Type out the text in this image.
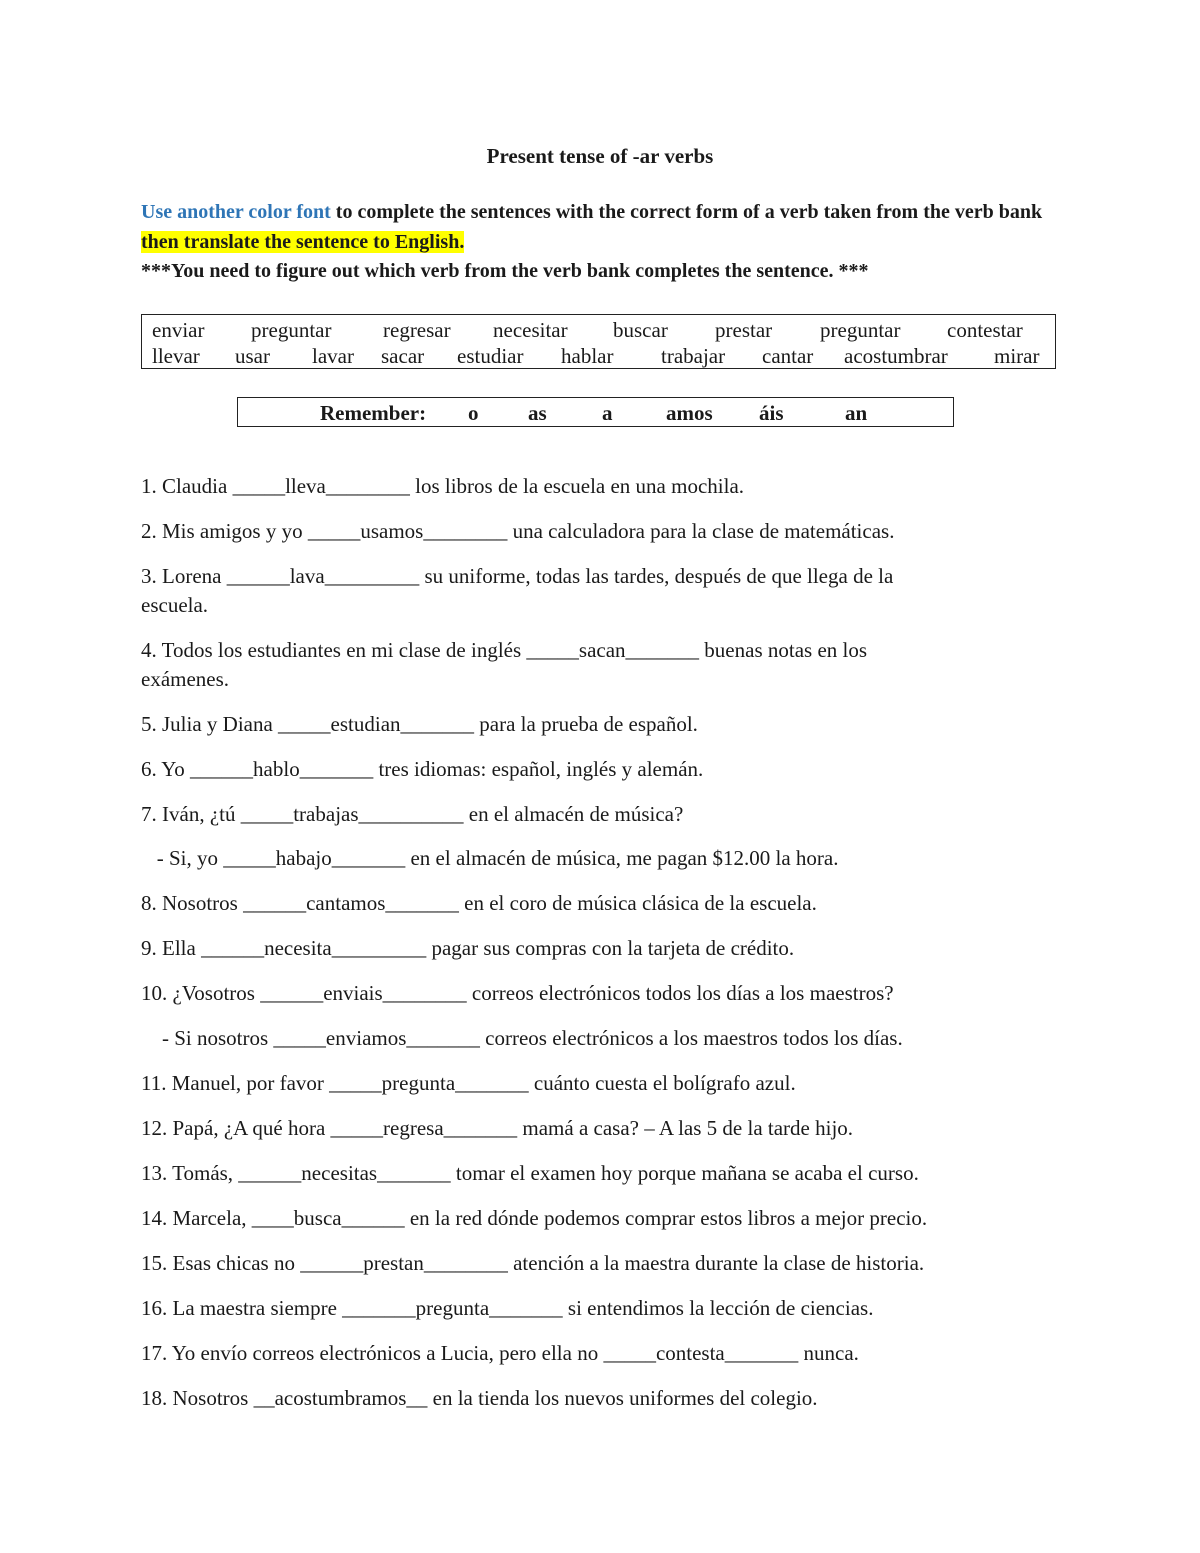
Present tense of -ar verbs
Use another color font to complete the sentences with the correct form of a verb taken from the verb bank then translate the sentence to English.
***You need to figure out which verb from the verb bank completes the sentence. ***
enviar preguntar regresar necesitar buscar prestar preguntar contestar
llevar usar lavar sacar estudiar hablar trabajar cantar acostumbrar mirar
Remember: o as	a	amos áis	an
1. Claudia _____lleva________ los libros de la escuela en una mochila.
2. Mis amigos y yo _____usamos________ una calculadora para la clase de matemáticas.
3. Lorena ______lava_________ su uniforme, todas las tardes, después de que llega de la
escuela.
4. Todos los estudiantes en mi clase de inglés _____sacan_______ buenas notas en los
exámenes.
5. Julia y Diana _____estudian_______ para la prueba de español.
6. Yo ______hablo_______ tres idiomas: español, inglés y alemán.
7. Iván, ¿tú _____trabajas__________ en el almacén de música?
- Si, yo _____habajo_______ en el almacén de música, me pagan $12.00 la hora.
8. Nosotros ______cantamos_______ en el coro de música clásica de la escuela.
9. Ella ______necesita_________ pagar sus compras con la tarjeta de crédito.
10. ¿Vosotros ______enviais________ correos electrónicos todos los días a los maestros?
- Si nosotros _____enviamos_______ correos electrónicos a los maestros todos los días.
11. Manuel, por favor _____pregunta_______ cuánto cuesta el bolígrafo azul.
12. Papá, ¿A qué hora _____regresa_______ mamá a casa? – A las 5 de la tarde hijo.
13. Tomás, ______necesitas_______ tomar el examen hoy porque mañana se acaba el curso.
14. Marcela, ____busca______ en la red dónde podemos comprar estos libros a mejor precio.
15. Esas chicas no ______prestan________ atención a la maestra durante la clase de historia.
16. La maestra siempre _______pregunta_______ si entendimos la lección de ciencias.
17. Yo envío correos electrónicos a Lucia, pero ella no _____contesta_______ nunca.
18. Nosotros __acostumbramos__ en la tienda los nuevos uniformes del colegio.
